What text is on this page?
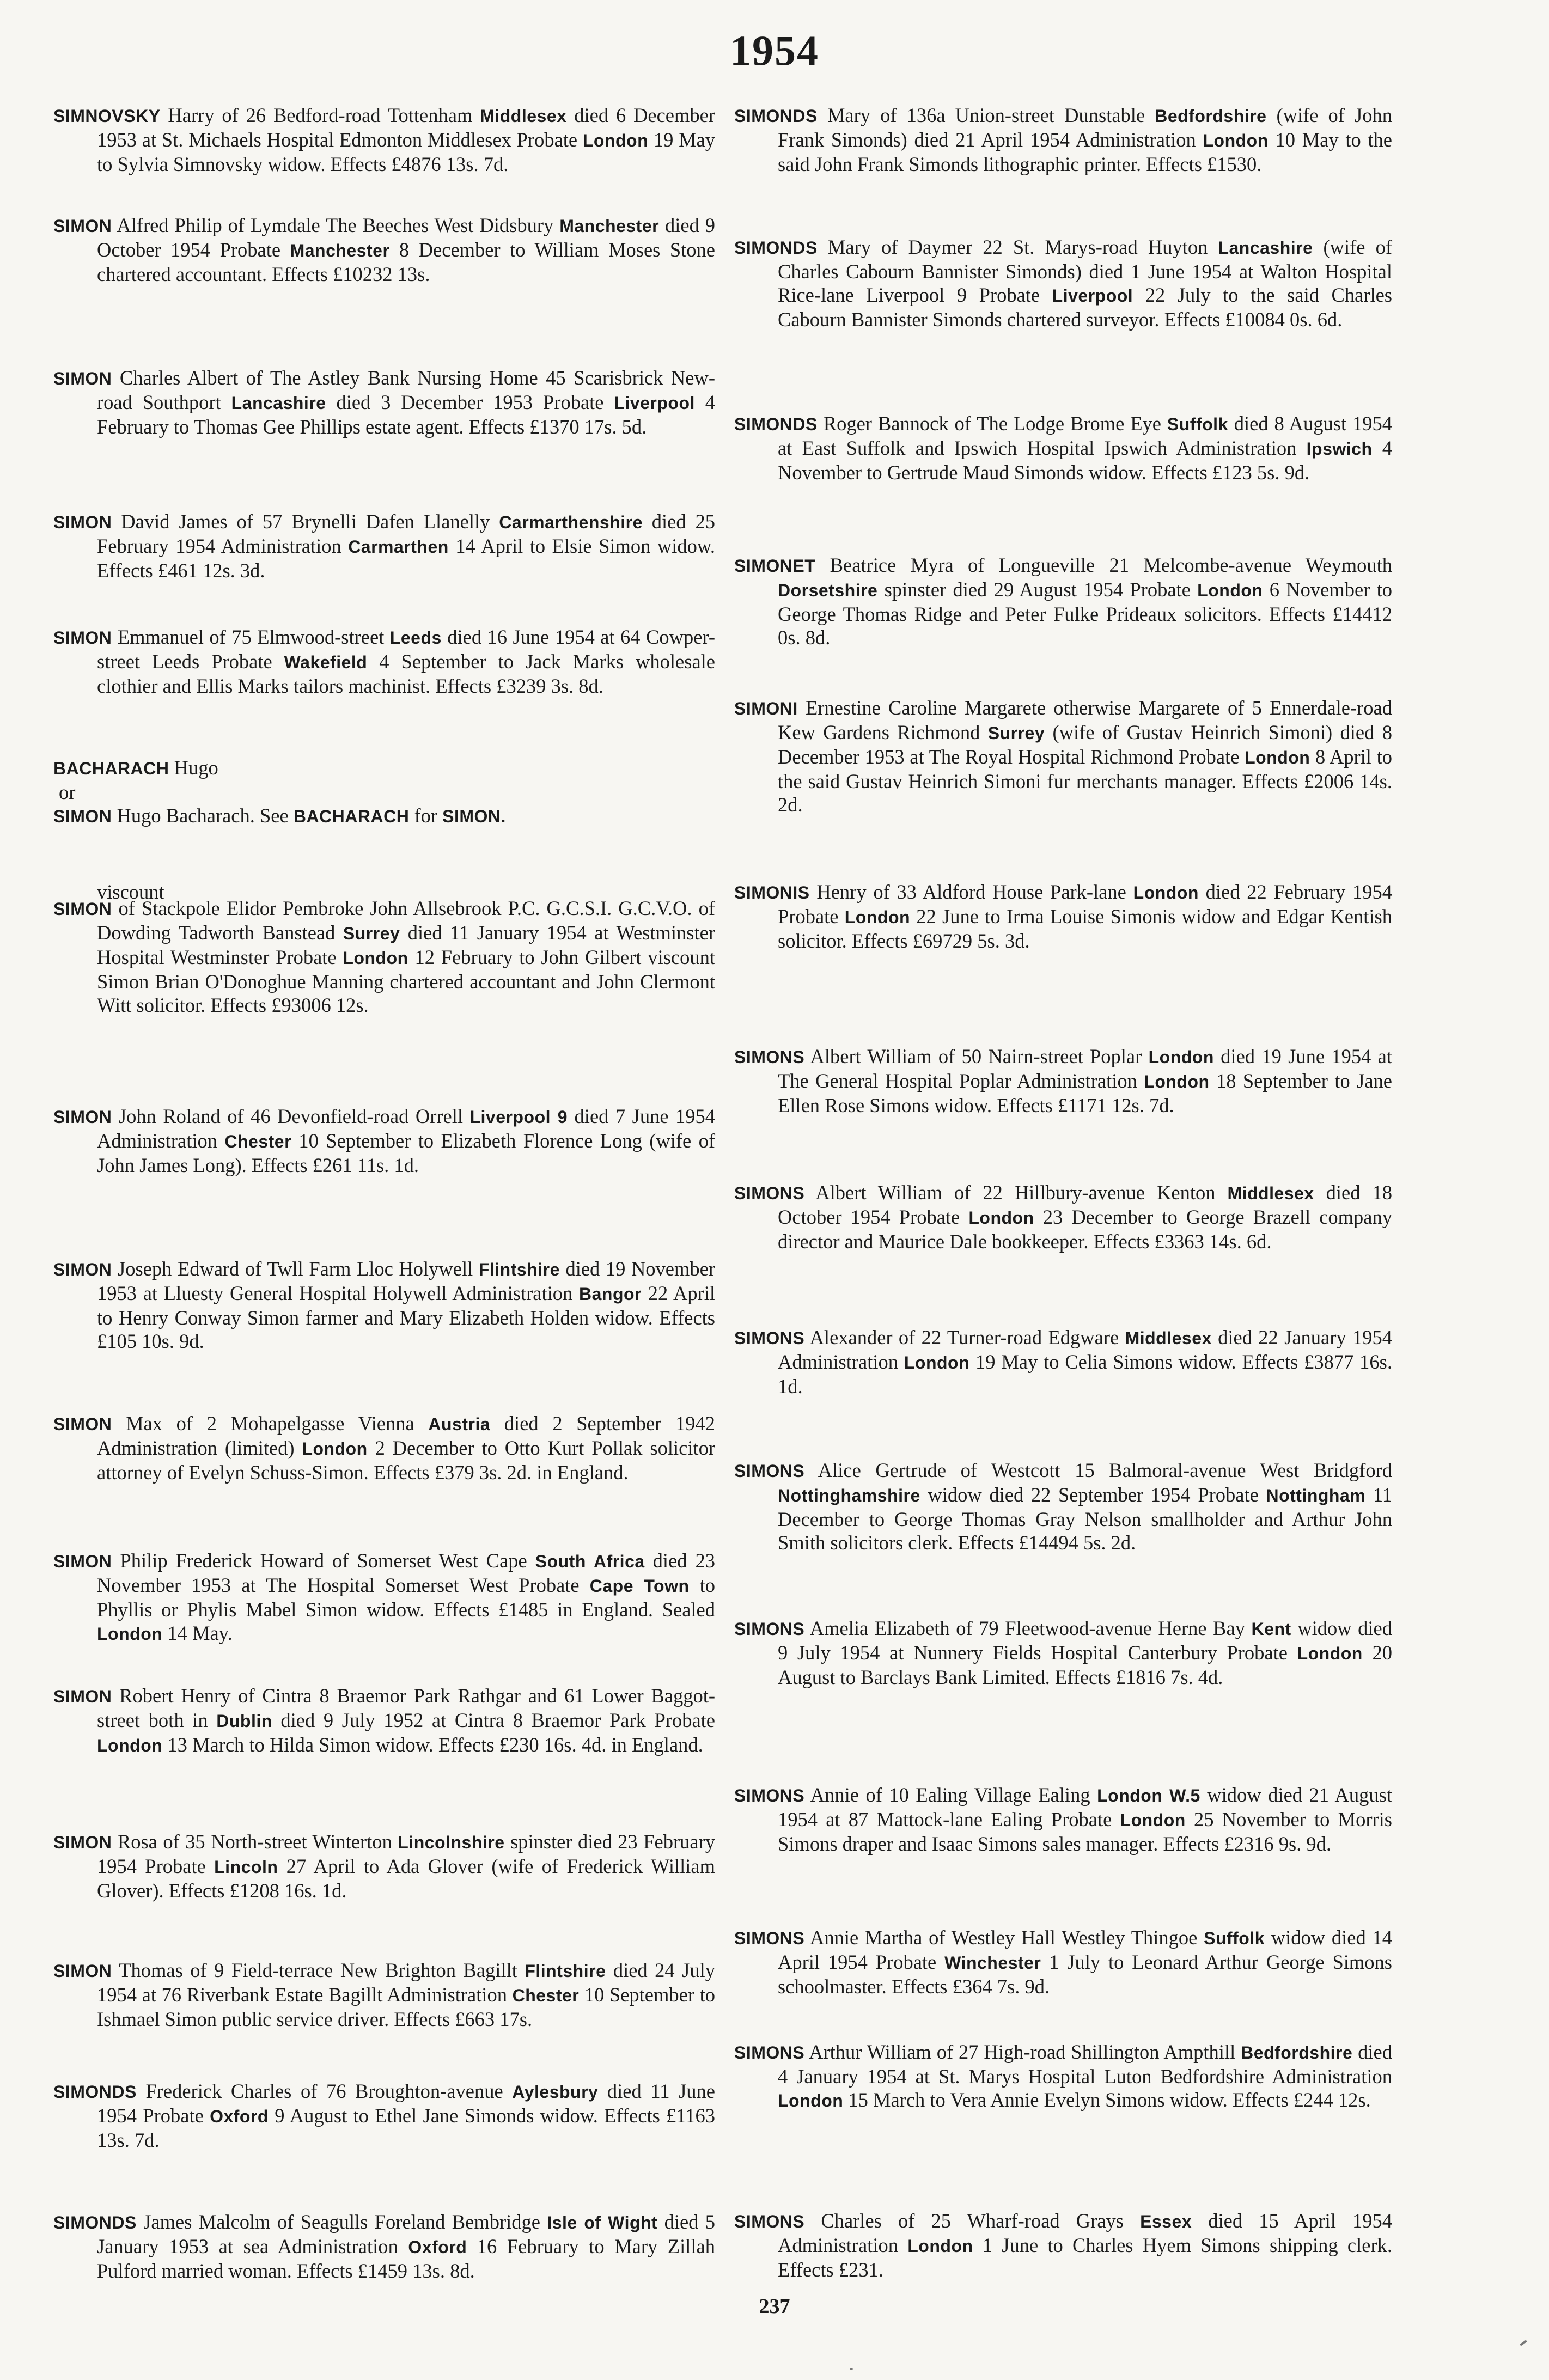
1954
BACHARACH Hugo
or
SIMON Hugo Bacharach. See BACHARACH for SIMON.
viscount

SIMNOVSKY Harry of 26 Bedford-road Tottenham Middlesex died 6 December 1953 at St. Michaels Hospital Edmonton Middlesex Probate London 19 May to Sylvia Simnovsky widow. Effects £4876 13s. 7d.

SIMON Alfred Philip of Lymdale The Beeches West Didsbury Manchester died 9 October 1954 Probate Manchester 8 December to William Moses Stone chartered accountant. Effects £10232 13s.

SIMON Charles Albert of The Astley Bank Nursing Home 45 Scarisbrick New-road Southport Lancashire died 3 December 1953 Probate Liverpool 4 February to Thomas Gee Phillips estate agent. Effects £1370 17s. 5d.

SIMON David James of 57 Brynelli Dafen Llanelly Carmarthenshire died 25 February 1954 Administration Carmarthen 14 April to Elsie Simon widow. Effects £461 12s. 3d.

SIMON Emmanuel of 75 Elmwood-street Leeds died 16 June 1954 at 64 Cowper-street Leeds Probate Wakefield 4 September to Jack Marks wholesale clothier and Ellis Marks tailors machinist. Effects £3239 3s. 8d.

SIMON of Stackpole Elidor Pembroke John Allsebrook P.C. G.C.S.I. G.C.V.O. of Dowding Tadworth Banstead Surrey died 11 January 1954 at Westminster Hospital Westminster Probate London 12 February to John Gilbert viscount Simon Brian O'Donoghue Manning chartered accountant and John Clermont Witt solicitor. Effects £93006 12s.

SIMON John Roland of 46 Devonfield-road Orrell Liverpool 9 died 7 June 1954 Administration Chester 10 September to Elizabeth Florence Long (wife of John James Long). Effects £261 11s. 1d.

SIMON Joseph Edward of Twll Farm Lloc Holywell Flintshire died 19 November 1953 at Lluesty General Hospital Holywell Administration Bangor 22 April to Henry Conway Simon farmer and Mary Elizabeth Holden widow. Effects £105 10s. 9d.

SIMON Max of 2 Mohapelgasse Vienna Austria died 2 September 1942 Administration (limited) London 2 December to Otto Kurt Pollak solicitor attorney of Evelyn Schuss-Simon. Effects £379 3s. 2d. in England.

SIMON Philip Frederick Howard of Somerset West Cape South Africa died 23 November 1953 at The Hospital Somerset West Probate Cape Town to Phyllis or Phylis Mabel Simon widow. Effects £1485 in England. Sealed London 14 May.

SIMON Robert Henry of Cintra 8 Braemor Park Rathgar and 61 Lower Baggot-street both in Dublin died 9 July 1952 at Cintra 8 Braemor Park Probate London 13 March to Hilda Simon widow. Effects £230 16s. 4d. in England.

SIMON Rosa of 35 North-street Winterton Lincolnshire spinster died 23 February 1954 Probate Lincoln 27 April to Ada Glover (wife of Frederick William Glover). Effects £1208 16s. 1d.

SIMON Thomas of 9 Field-terrace New Brighton Bagillt Flintshire died 24 July 1954 at 76 Riverbank Estate Bagillt Administration Chester 10 September to Ishmael Simon public service driver. Effects £663 17s.

SIMONDS Frederick Charles of 76 Broughton-avenue Aylesbury died 11 June 1954 Probate Oxford 9 August to Ethel Jane Simonds widow. Effects £1163 13s. 7d.

SIMONDS James Malcolm of Seagulls Foreland Bembridge Isle of Wight died 5 January 1953 at sea Administration Oxford 16 February to Mary Zillah Pulford married woman. Effects £1459 13s. 8d.

SIMONDS Mary of 136a Union-street Dunstable Bedfordshire (wife of John Frank Simonds) died 21 April 1954 Administration London 10 May to the said John Frank Simonds lithographic printer. Effects £1530.

SIMONDS Mary of Daymer 22 St. Marys-road Huyton Lancashire (wife of Charles Cabourn Bannister Simonds) died 1 June 1954 at Walton Hospital Rice-lane Liverpool 9 Probate Liverpool 22 July to the said Charles Cabourn Bannister Simonds chartered surveyor. Effects £10084 0s. 6d.

SIMONDS Roger Bannock of The Lodge Brome Eye Suffolk died 8 August 1954 at East Suffolk and Ipswich Hospital Ipswich Administration Ipswich 4 November to Gertrude Maud Simonds widow. Effects £123 5s. 9d.

SIMONET Beatrice Myra of Longueville 21 Melcombe-avenue Weymouth Dorsetshire spinster died 29 August 1954 Probate London 6 November to George Thomas Ridge and Peter Fulke Prideaux solicitors. Effects £14412 0s. 8d.

SIMONI Ernestine Caroline Margarete otherwise Margarete of 5 Ennerdale-road Kew Gardens Richmond Surrey (wife of Gustav Heinrich Simoni) died 8 December 1953 at The Royal Hospital Richmond Probate London 8 April to the said Gustav Heinrich Simoni fur merchants manager. Effects £2006 14s. 2d.

SIMONIS Henry of 33 Aldford House Park-lane London died 22 February 1954 Probate London 22 June to Irma Louise Simonis widow and Edgar Kentish solicitor. Effects £69729 5s. 3d.

SIMONS Albert William of 50 Nairn-street Poplar London died 19 June 1954 at The General Hospital Poplar Administration London 18 September to Jane Ellen Rose Simons widow. Effects £1171 12s. 7d.

SIMONS Albert William of 22 Hillbury-avenue Kenton Middlesex died 18 October 1954 Probate London 23 December to George Brazell company director and Maurice Dale bookkeeper. Effects £3363 14s. 6d.

SIMONS Alexander of 22 Turner-road Edgware Middlesex died 22 January 1954 Administration London 19 May to Celia Simons widow. Effects £3877 16s. 1d.

SIMONS Alice Gertrude of Westcott 15 Balmoral-avenue West Bridgford Nottinghamshire widow died 22 September 1954 Probate Nottingham 11 December to George Thomas Gray Nelson smallholder and Arthur John Smith solicitors clerk. Effects £14494 5s. 2d.

SIMONS Amelia Elizabeth of 79 Fleetwood-avenue Herne Bay Kent widow died 9 July 1954 at Nunnery Fields Hospital Canterbury Probate London 20 August to Barclays Bank Limited. Effects £1816 7s. 4d.

SIMONS Annie of 10 Ealing Village Ealing London W.5 widow died 21 August 1954 at 87 Mattock-lane Ealing Probate London 25 November to Morris Simons draper and Isaac Simons sales manager. Effects £2316 9s. 9d.

SIMONS Annie Martha of Westley Hall Westley Thingoe Suffolk widow died 14 April 1954 Probate Winchester 1 July to Leonard Arthur George Simons schoolmaster. Effects £364 7s. 9d.

SIMONS Arthur William of 27 High-road Shillington Ampthill Bedfordshire died 4 January 1954 at St. Marys Hospital Luton Bedfordshire Administration London 15 March to Vera Annie Evelyn Simons widow. Effects £244 12s.

SIMONS Charles of 25 Wharf-road Grays Essex died 15 April 1954 Administration London 1 June to Charles Hyem Simons shipping clerk. Effects £231.

237
